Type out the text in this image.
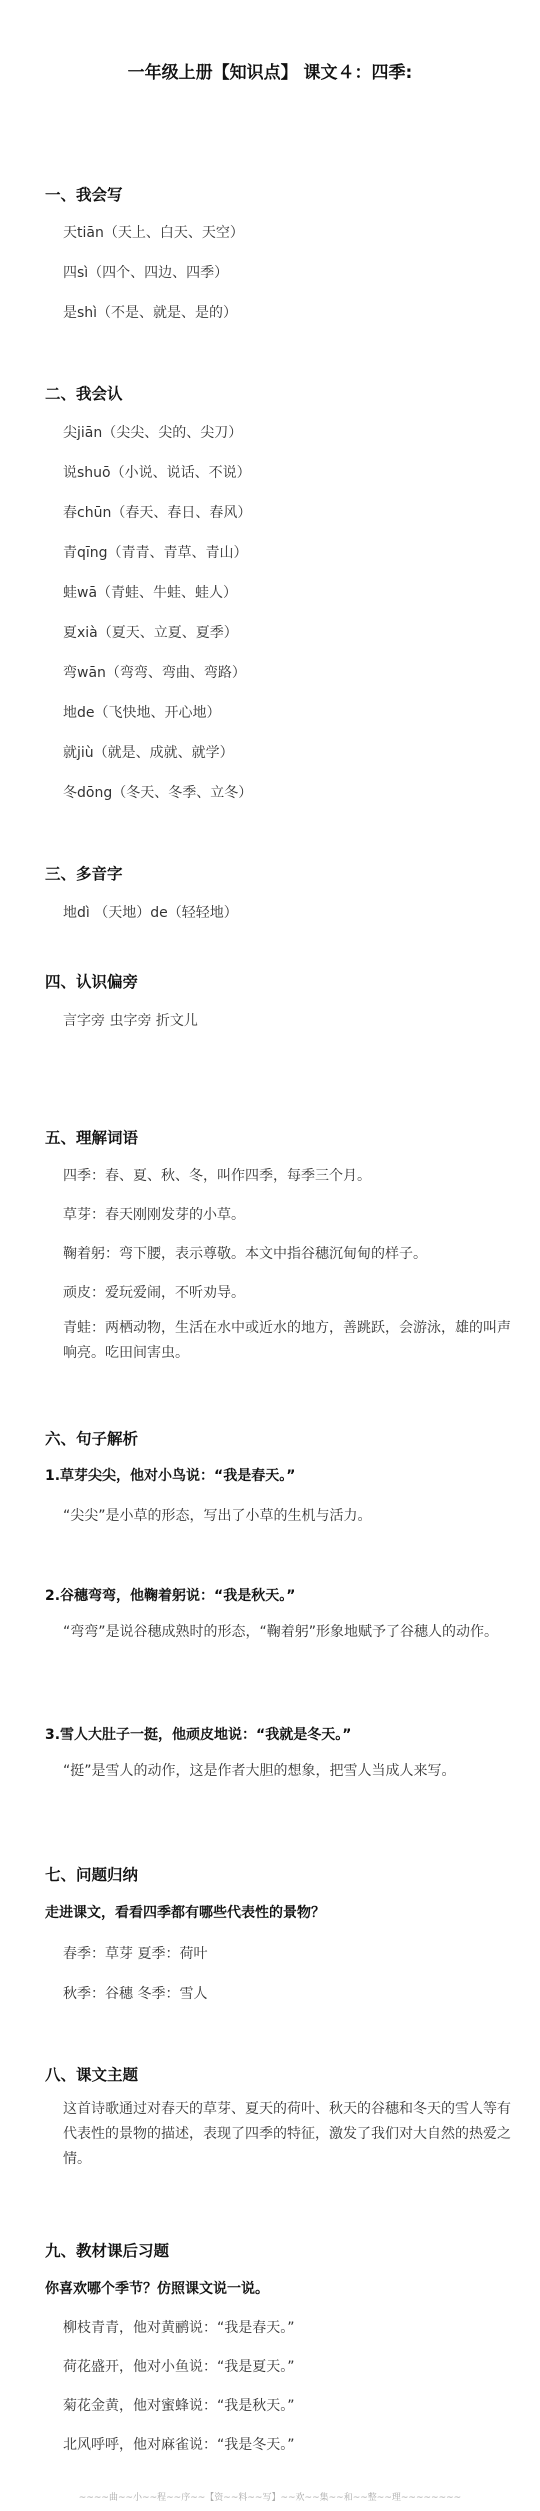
一年级上册【知识点】 课文４：四季:
一、我会写
天tiān（天上、白天、天空）
四sì（四个、四边、四季）
是shì（不是、就是、是的）
二、我会认
尖jiān（尖尖、尖的、尖刀）
说shuō（小说、说话、不说）
春chūn（春天、春日、春风）
青qīng（青青、青草、青山）
蛙wā（青蛙、牛蛙、蛙人）
夏xià（夏天、立夏、夏季）
弯wān（弯弯、弯曲、弯路）
地de（飞快地、开心地）
就jiù（就是、成就、就学）
冬dōng（冬天、冬季、立冬）
三、多音字
地dì （天地）de（轻轻地）
四、认识偏旁
言字旁 虫字旁 折文儿
五、理解词语
四季：春、夏、秋、冬，叫作四季，每季三个月。
草芽：春天刚刚发芽的小草。
鞠着躬：弯下腰，表示尊敬。本文中指谷穗沉甸甸的样子。
顽皮：爱玩爱闹，不听劝导。
青蛙：两栖动物，生活在水中或近水的地方，善跳跃，会游泳，雄的叫声响亮。吃田间害虫。
六、句子解析
1.草芽尖尖，他对小鸟说：“我是春天。”
“尖尖”是小草的形态，写出了小草的生机与活力。
2.谷穗弯弯，他鞠着躬说：“我是秋天。”
“弯弯”是说谷穗成熟时的形态，“鞠着躬”形象地赋予了谷穗人的动作。
3.雪人大肚子一挺，他顽皮地说：“我就是冬天。”
“挺”是雪人的动作，这是作者大胆的想象，把雪人当成人来写。
七、问题归纳
走进课文，看看四季都有哪些代表性的景物？
春季：草芽 夏季：荷叶
秋季：谷穗 冬季：雪人
八、课文主题
这首诗歌通过对春天的草芽、夏天的荷叶、秋天的谷穗和冬天的雪人等有代表性的景物的描述，表现了四季的特征，激发了我们对大自然的热爱之情。
九、教材课后习题
你喜欢哪个季节？仿照课文说一说。
柳枝青青，他对黄鹂说：“我是春天。”
荷花盛开，他对小鱼说：“我是夏天。”
菊花金黄，他对蜜蜂说：“我是秋天。”
北风呼呼，他对麻雀说：“我是冬天。”
~~~~曲~~小~~程~~序~~【资~~料~~写】~~欢~~集~~和~~整~~理~~~~~~~~
